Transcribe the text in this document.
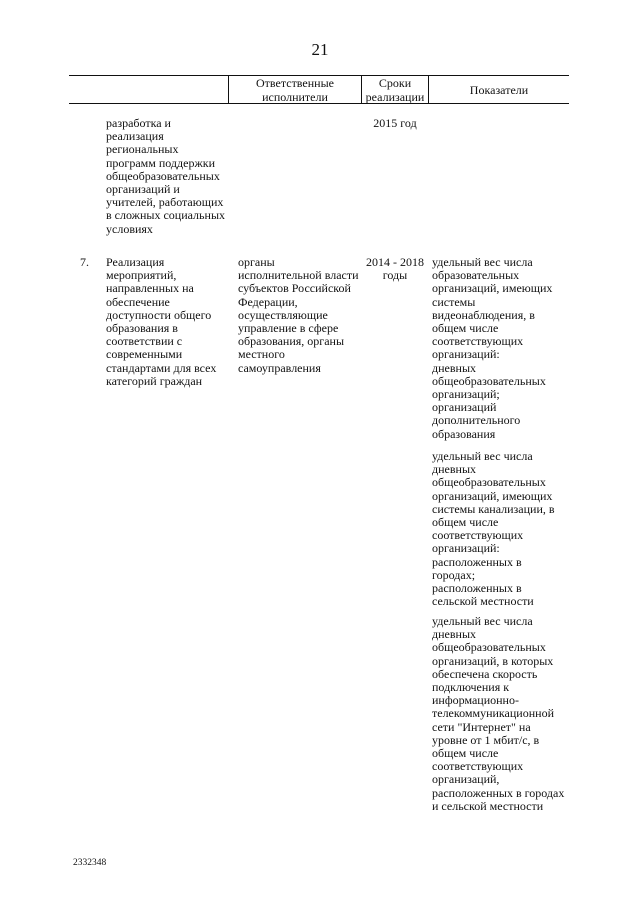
21
Ответственные
исполнители
Сроки
реализации	Показатели
разработка и
реализация
региональных
программ поддержки
общеобразовательных
организаций и
учителей, работающих
в сложных социальных
условиях
2015 год
7. Реализация
мероприятий,
направленных на
обеспечение
доступности общего
образования в
соответствии с
современными
стандартами для всех
категорий граждан
органы
исполнительной власти
субъектов Российской
Федерации,
осуществляющие
управление в сфере
образования, органы
местного
самоуправления
2014 - 2018
годы
удельный вес числа
образовательных
организаций, имеющих
системы
видеонаблюдения, в
общем числе
соответствующих
организаций:
дневных
общеобразовательных
организаций;
организаций
дополнительного
образования
удельный вес числа
дневных
общеобразовательных
организаций, имеющих
системы канализации, в
общем числе
соответствующих
организаций:
расположенных в
городах;
расположенных в
сельской местности
удельный вес числа
дневных
общеобразовательных
организаций, в которых
обеспечена скорость
подключения к
информационно-
телекоммуникационной
сети "Интернет" на
уровне от 1 мбит/с, в
общем числе
соответствующих
организаций,
расположенных в городах
и сельской местности
2332348
